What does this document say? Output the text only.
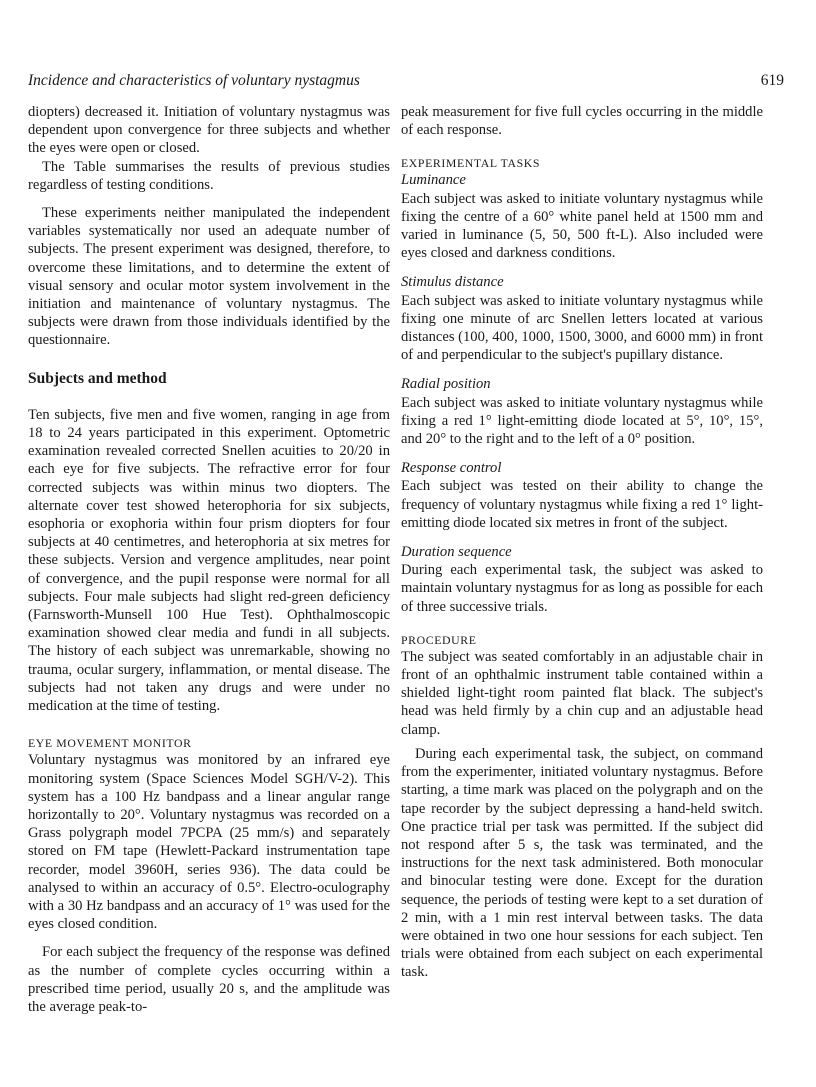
Incidence and characteristics of voluntary nystagmus	619

diopters) decreased it. Initiation of voluntary nystagmus was dependent upon convergence for three subjects and whether the eyes were open or closed.

The Table summarises the results of previous studies regardless of testing conditions.

These experiments neither manipulated the independent variables systematically nor used an adequate number of subjects. The present experiment was designed, therefore, to overcome these limitations, and to determine the extent of visual sensory and ocular motor system involvement in the initiation and maintenance of voluntary nystagmus. The subjects were drawn from those individuals identified by the questionnaire.

Subjects and method

Ten subjects, five men and five women, ranging in age from 18 to 24 years participated in this experiment. Optometric examination revealed corrected Snellen acuities to 20/20 in each eye for five subjects. The refractive error for four corrected subjects was within minus two diopters. The alternate cover test showed heterophoria for six subjects, esophoria or exophoria within four prism diopters for four subjects at 40 centimetres, and heterophoria at six metres for these subjects. Version and vergence amplitudes, near point of convergence, and the pupil response were normal for all subjects. Four male subjects had slight red-green deficiency (Farnsworth-Munsell 100 Hue Test). Ophthalmoscopic examination showed clear media and fundi in all subjects. The history of each subject was unremarkable, showing no trauma, ocular surgery, inflammation, or mental disease. The subjects had not taken any drugs and were under no medication at the time of testing.

EYE MOVEMENT MONITOR

Voluntary nystagmus was monitored by an infrared eye monitoring system (Space Sciences Model SGH/V-2). This system has a 100 Hz bandpass and a linear angular range horizontally to 20°. Voluntary nystagmus was recorded on a Grass polygraph model 7PCPA (25 mm/s) and separately stored on FM tape (Hewlett-Packard instrumentation tape recorder, model 3960H, series 936). The data could be analysed to within an accuracy of 0.5°. Electro-oculography with a 30 Hz bandpass and an accuracy of 1° was used for the eyes closed condition.

For each subject the frequency of the response was defined as the number of complete cycles occurring within a prescribed time period, usually 20 s, and the amplitude was the average peak-to-

peak measurement for five full cycles occurring in the middle of each response.

EXPERIMENTAL TASKS
Luminance

Each subject was asked to initiate voluntary nystagmus while fixing the centre of a 60° white panel held at 1500 mm and varied in luminance (5, 50, 500 ft-L). Also included were eyes closed and darkness conditions.

Stimulus distance

Each subject was asked to initiate voluntary nystagmus while fixing one minute of arc Snellen letters located at various distances (100, 400, 1000, 1500, 3000, and 6000 mm) in front of and perpendicular to the subject's pupillary distance.

Radial position

Each subject was asked to initiate voluntary nystagmus while fixing a red 1° light-emitting diode located at 5°, 10°, 15°, and 20° to the right and to the left of a 0° position.

Response control

Each subject was tested on their ability to change the frequency of voluntary nystagmus while fixing a red 1° light-emitting diode located six metres in front of the subject.

Duration sequence

During each experimental task, the subject was asked to maintain voluntary nystagmus for as long as possible for each of three successive trials.

PROCEDURE

The subject was seated comfortably in an adjustable chair in front of an ophthalmic instrument table contained within a shielded light-tight room painted flat black. The subject's head was held firmly by a chin cup and an adjustable head clamp.

During each experimental task, the subject, on command from the experimenter, initiated voluntary nystagmus. Before starting, a time mark was placed on the polygraph and on the tape recorder by the subject depressing a hand-held switch. One practice trial per task was permitted. If the subject did not respond after 5 s, the task was terminated, and the instructions for the next task administered. Both monocular and binocular testing were done. Except for the duration sequence, the periods of testing were kept to a set duration of 2 min, with a 1 min rest interval between tasks. The data were obtained in two one hour sessions for each subject. Ten trials were obtained from each subject on each experimental task.
